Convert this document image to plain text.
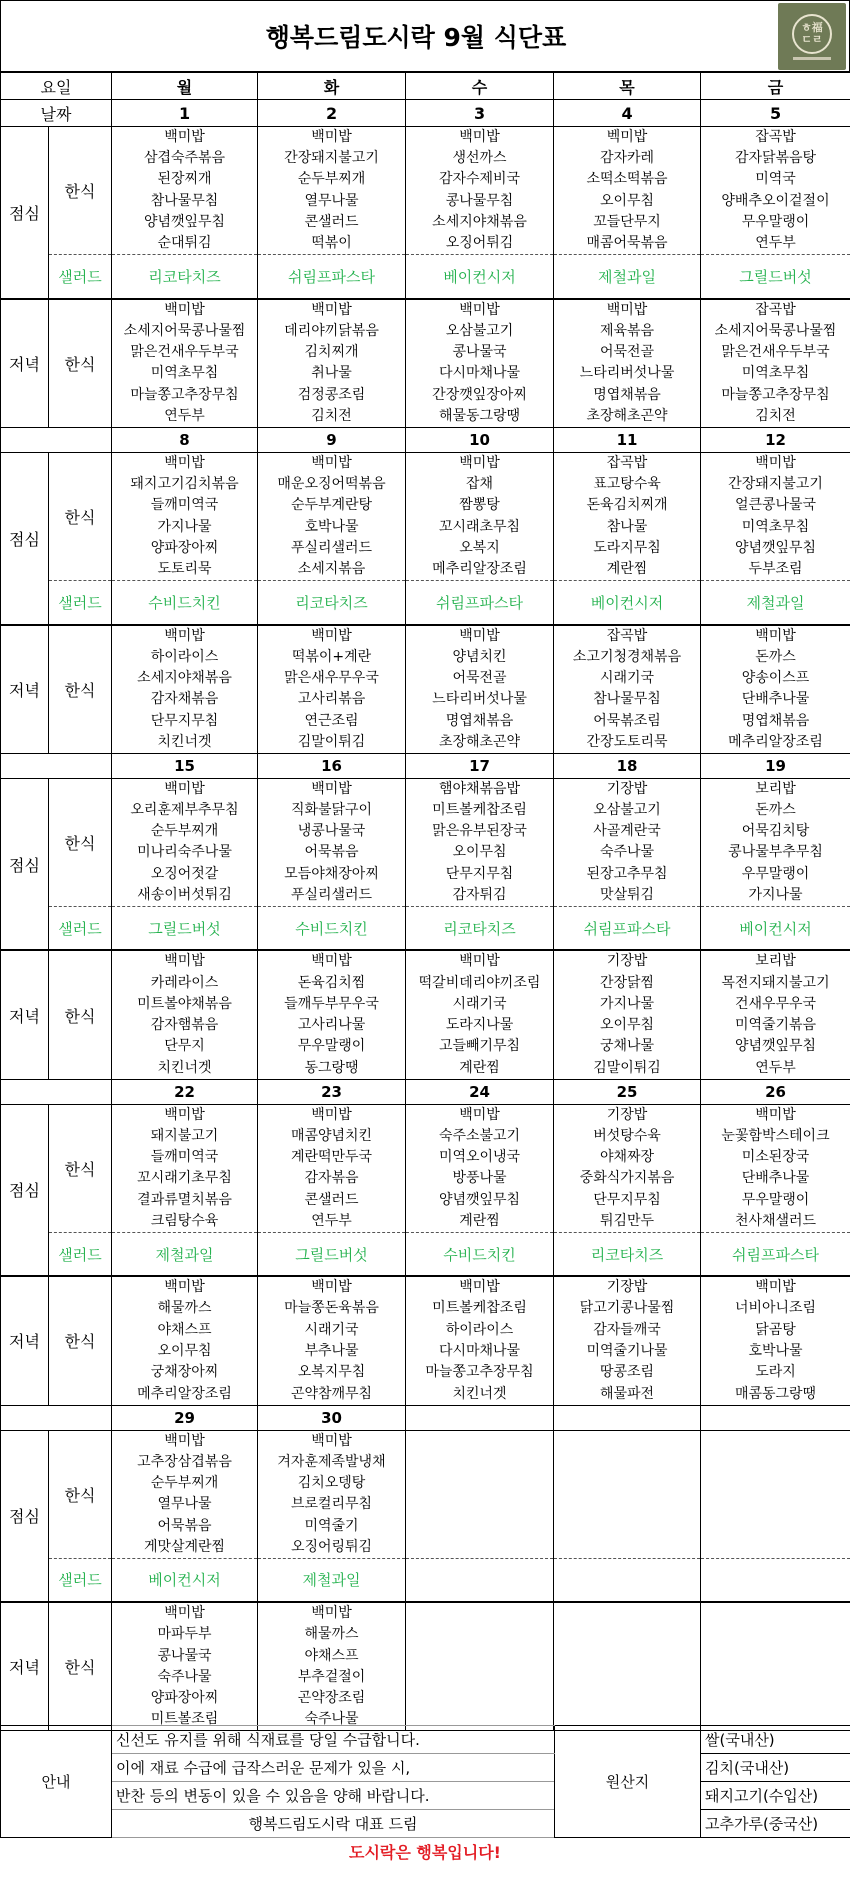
행복드림도시락 9월 식단표	ㅎ福
ㄷㄹ
요일		월	화	수	목	금
날짜		1	2	3	4	5
점심	한식	백미밥	백미밥	백미밥	벡미밥	잡곡밥
		삼겹숙주볶음	간장돼지불고기	생선까스	감자카레	감자닭볶음탕
		된장찌개	순두부찌개	감자수제비국	소떡소떡볶음	미역국
		참나물무침	열무나물	콩나물무침	오이무침	양배추오이겉절이
		양념깻잎무침	콘샐러드	소세지야채볶음	꼬들단무지	무우말랭이
		순대튀김	떡볶이	오징어튀김	매콤어묵볶음	연두부
	샐러드	리코타치즈	쉬림프파스타	베이컨시저	제철과일	그릴드버섯
저녁	한식	백미밥	백미밥	백미밥	백미밥	잡곡밥
		소세지어묵콩나물찜	데리야끼닭볶음	오삼불고기	제육볶음	소세지어묵콩나물찜
		맑은건새우두부국	김치찌개	콩나물국	어묵전골	맑은건새우두부국
		미역초무침	취나물	다시마채나물	느타리버섯나물	미역초무침
		마늘쫑고추장무침	검정콩조림	간장깻잎장아찌	명엽채볶음	마늘쫑고추장무침
		연두부	김치전	해물동그랑땡	초장해초곤약	김치전
		8	9	10	11	12
점심	한식	백미밥	백미밥	백미밥	잡곡밥	백미밥
		돼지고기김치볶음	매운오징어떡볶음	잡채	표고탕수육	간장돼지불고기
		들깨미역국	순두부계란탕	짬뽕탕	돈육김치찌개	얼큰콩나물국
		가지나물	호박나물	꼬시래초무침	참나물	미역초무침
		양파장아찌	푸실리샐러드	오복지	도라지무침	양념깻잎무침
		도토리묵	소세지볶음	메추리알장조림	계란찜	두부조림
	샐러드	수비드치킨	리코타치즈	쉬림프파스타	베이컨시저	제철과일
저녁	한식	백미밥	백미밥	백미밥	잡곡밥	백미밥
		하이라이스	떡볶이+계란	양념치킨	소고기청경채볶음	돈까스
		소세지야채볶음	맑은새우무우국	어묵전골	시래기국	양송이스프
		감자채볶음	고사리볶음	느타리버섯나물	참나물무침	단배추나물
		단무지무침	연근조림	명엽채볶음	어묵볶조림	명엽채볶음
		치킨너겟	김말이튀김	초장해초곤약	간장도토리묵	메추리알장조림
		15	16	17	18	19
점심	한식	백미밥	백미밥	햄야채볶음밥	기장밥	보리밥
		오리훈제부추무침	직화불닭구이	미트볼케찹조림	오삼불고기	돈까스
		순두부찌개	냉콩나물국	맑은유부된장국	사골계란국	어묵김치탕
		미나리숙주나물	어묵볶음	오이무침	숙주나물	콩나물부추무침
		오징어젓갈	모듬야채장아찌	단무지무침	된장고추무침	우무말랭이
		새송이버섯튀김	푸실리샐러드	감자튀김	맛살튀김	가지나물
	샐러드	그릴드버섯	수비드치킨	리코타치즈	쉬림프파스타	베이컨시저
저녁	한식	백미밥	백미밥	백미밥	기장밥	보리밥
		카레라이스	돈육김치찜	떡갈비데리야끼조림	간장닭찜	목전지돼지불고기
		미트볼야채볶음	들깨두부무우국	시래기국	가지나물	건새우무우국
		감자햄볶음	고사리나물	도라지나물	오이무침	미역줄기볶음
		단무지	무우말랭이	고들빼기무침	궁채나물	양념깻잎무침
		치킨너겟	동그랑땡	계란찜	김말이튀김	연두부
		22	23	24	25	26
점심	한식	백미밥	백미밥	백미밥	기장밥	백미밥
		돼지불고기	매콤양념치킨	숙주소불고기	버섯탕수육	눈꽃함박스테이크
		들깨미역국	계란떡만두국	미역오이냉국	야채짜장	미소된장국
		꼬시래기초무침	감자볶음	방풍나물	중화식가지볶음	단배추나물
		결과류멸치볶음	콘샐러드	양념깻잎무침	단무지무침	무우말랭이
		크림탕수육	연두부	계란찜	튀김만두	천사채샐러드
	샐러드	제철과일	그릴드버섯	수비드치킨	리코타치즈	쉬림프파스타
저녁	한식	백미밥	백미밥	백미밥	기장밥	백미밥
		해물까스	마늘쫑돈육볶음	미트볼케찹조림	닭고기콩나물찜	너비아니조림
		야채스프	시래기국	하이라이스	감자들깨국	닭곰탕
		오이무침	부추나물	다시마채나물	미역줄기나물	호박나물
		궁채장아찌	오복지무침	마늘쫑고추장무침	땅콩조림	도라지
		메추리알장조림	곤약참깨무침	치킨너겟	해물파전	매콤동그랑땡
		29	30			
점심	한식	백미밥	백미밥			
		고추장삼겹볶음	겨자훈제족발냉채			
		순두부찌개	김치오뎅탕			
		열무나물	브로컬리무침			
		어묵볶음	미역줄기			
		게맛살계란찜	오징어링튀김			
	샐러드	베이컨시저	제철과일			
저녁	한식	백미밥	백미밥			
		마파두부	해물까스			
		콩나물국	야채스프			
		숙주나물	부추겉절이			
		양파장아찌	곤약장조림			
		미트볼조림	숙주나물			
안내	신선도 유지를 위해 식재료를 당일 수급합니다.	원산지	쌀(국내산)
	이에 재료 수급에 급작스러운 문제가 있을 시,		김치(국내산)
	반찬 등의 변동이 있을 수 있음을 양해 바랍니다.		돼지고기(수입산)
	행복드림도시락 대표 드림		고추가루(중국산)
도시락은 행복입니다!
